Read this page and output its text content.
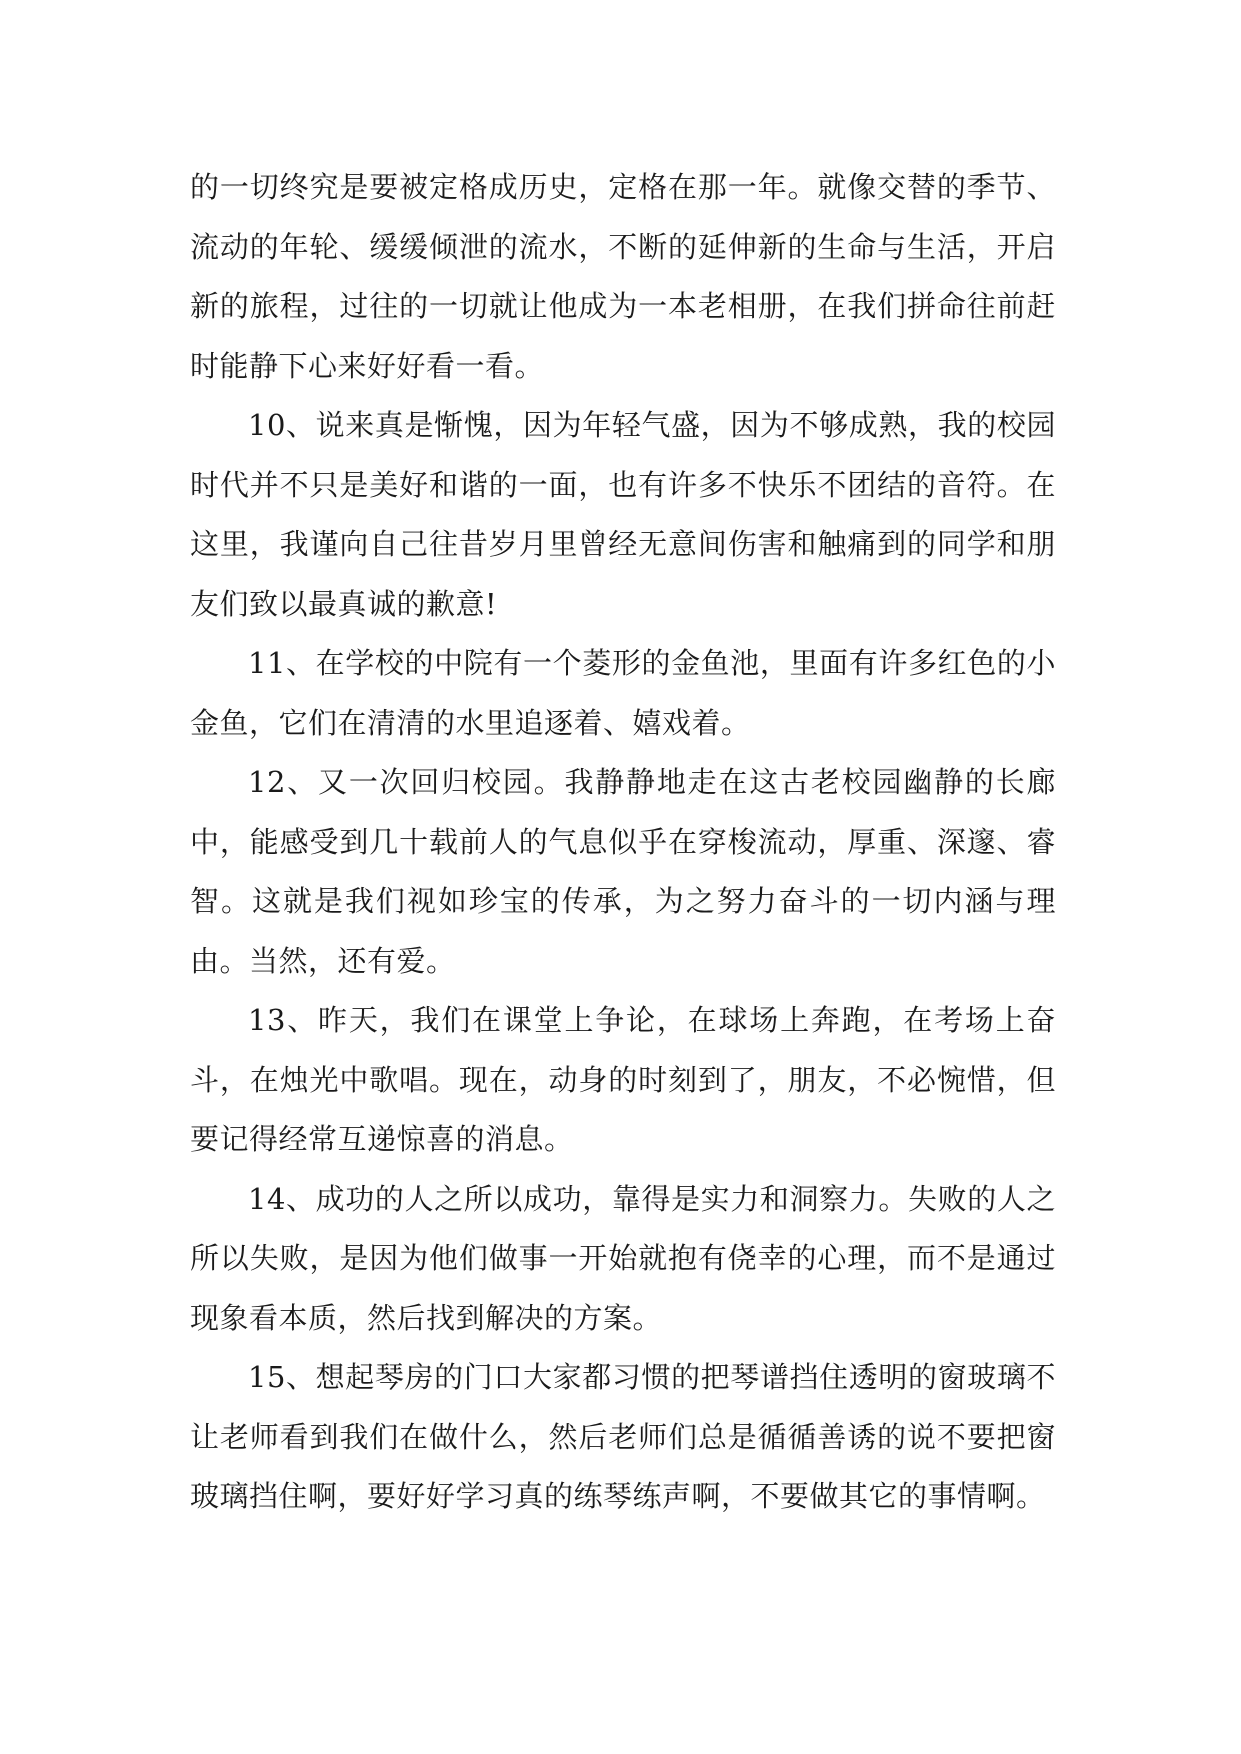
的一切终究是要被定格成历史，定格在那一年。就像交替的季节、流动的年轮、缓缓倾泄的流水，不断的延伸新的生命与生活，开启新的旅程，过往的一切就让他成为一本老相册，在我们拼命往前赶时能静下心来好好看一看。

10、说来真是惭愧，因为年轻气盛，因为不够成熟，我的校园时代并不只是美好和谐的一面，也有许多不快乐不团结的音符。在这里，我谨向自己往昔岁月里曾经无意间伤害和触痛到的同学和朋友们致以最真诚的歉意!

11、在学校的中院有一个菱形的金鱼池，里面有许多红色的小金鱼，它们在清清的水里追逐着、嬉戏着。

12、又一次回归校园。我静静地走在这古老校园幽静的长廊中，能感受到几十载前人的气息似乎在穿梭流动，厚重、深邃、睿智。这就是我们视如珍宝的传承，为之努力奋斗的一切内涵与理由。当然，还有爱。

13、昨天，我们在课堂上争论，在球场上奔跑，在考场上奋斗，在烛光中歌唱。现在，动身的时刻到了，朋友，不必惋惜，但要记得经常互递惊喜的消息。

14、成功的人之所以成功，靠得是实力和洞察力。失败的人之所以失败，是因为他们做事一开始就抱有侥幸的心理，而不是通过现象看本质，然后找到解决的方案。

15、想起琴房的门口大家都习惯的把琴谱挡住透明的窗玻璃不让老师看到我们在做什么，然后老师们总是循循善诱的说不要把窗玻璃挡住啊，要好好学习真的练琴练声啊，不要做其它的事情啊。
